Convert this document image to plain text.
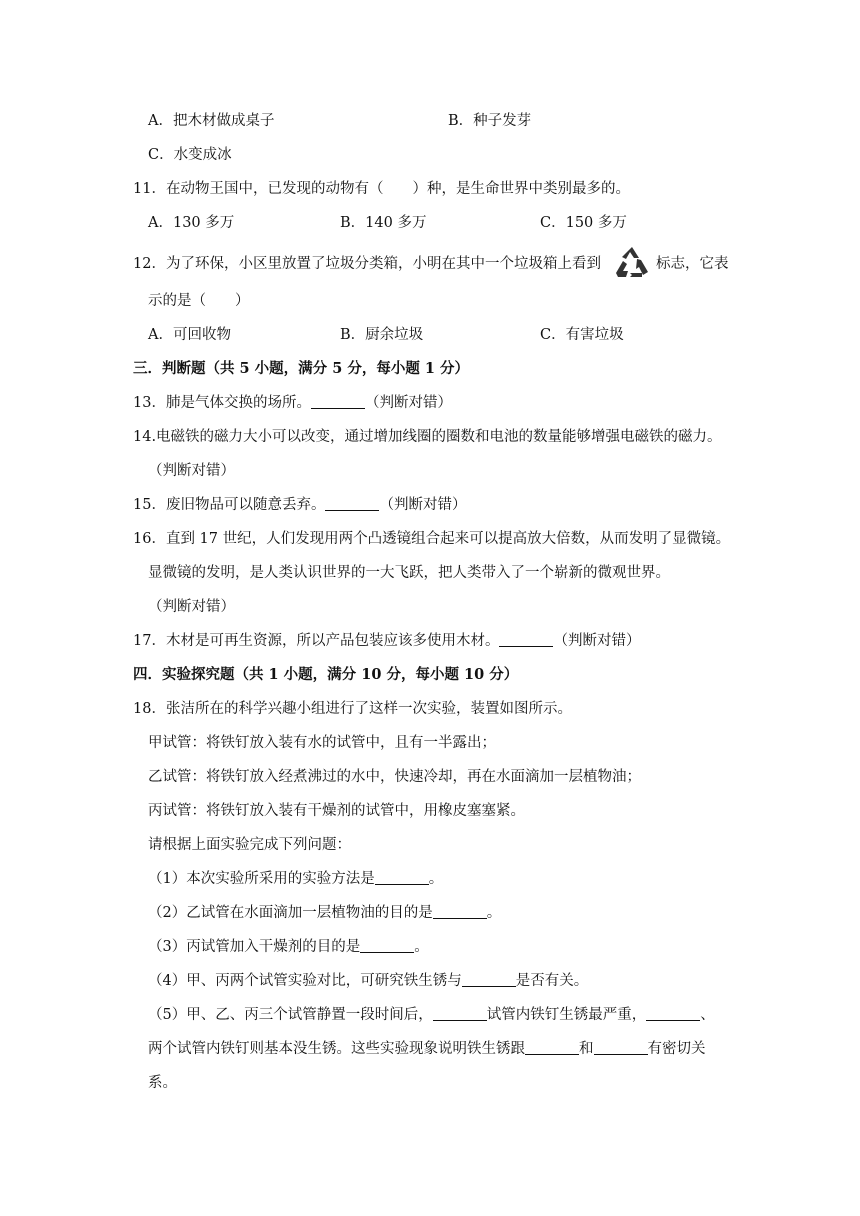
A．把木材做成桌子	B．种子发芽
C．水变成冰
11．在动物王国中，已发现的动物有（　　）种，是生命世界中类别最多的。
A．130 多万	B．140 多万	C．150 多万
12．为了环保，小区里放置了垃圾分类箱，小明在其中一个垃圾箱上看到	标志，它表
示的是（　　）
A．可回收物	B．厨余垃圾	C．有害垃圾
三．判断题（共 5 小题，满分 5 分，每小题 1 分）
13．肺是气体交换的场所。	（判断对错）
14.电磁铁的磁力大小可以改变，通过增加线圈的圈数和电池的数量能够增强电磁铁的磁力。
（判断对错）
15．废旧物品可以随意丢弃。	（判断对错）
16．直到 17 世纪，人们发现用两个凸透镜组合起来可以提高放大倍数，从而发明了显微镜。
显微镜的发明，是人类认识世界的一大飞跃，把人类带入了一个崭新的微观世界。
（判断对错）
17．木材是可再生资源，所以产品包装应该多使用木材。	（判断对错）
四．实验探究题（共 1 小题，满分 10 分，每小题 10 分）
18．张洁所在的科学兴趣小组进行了这样一次实验，装置如图所示。
甲试管：将铁钉放入装有水的试管中，且有一半露出；
乙试管：将铁钉放入经煮沸过的水中，快速冷却，再在水面滴加一层植物油；
丙试管：将铁钉放入装有干燥剂的试管中，用橡皮塞塞紧。
请根据上面实验完成下列问题：
（1）本次实验所采用的实验方法是	。
（2）乙试管在水面滴加一层植物油的目的是	。
（3）丙试管加入干燥剂的目的是	。
（4）甲、丙两个试管实验对比，可研究铁生锈与	是否有关。
（5）甲、乙、丙三个试管静置一段时间后，	试管内铁钉生锈最严重，	、
两个试管内铁钉则基本没生锈。这些实验现象说明铁生锈跟	和	有密切关
系。
